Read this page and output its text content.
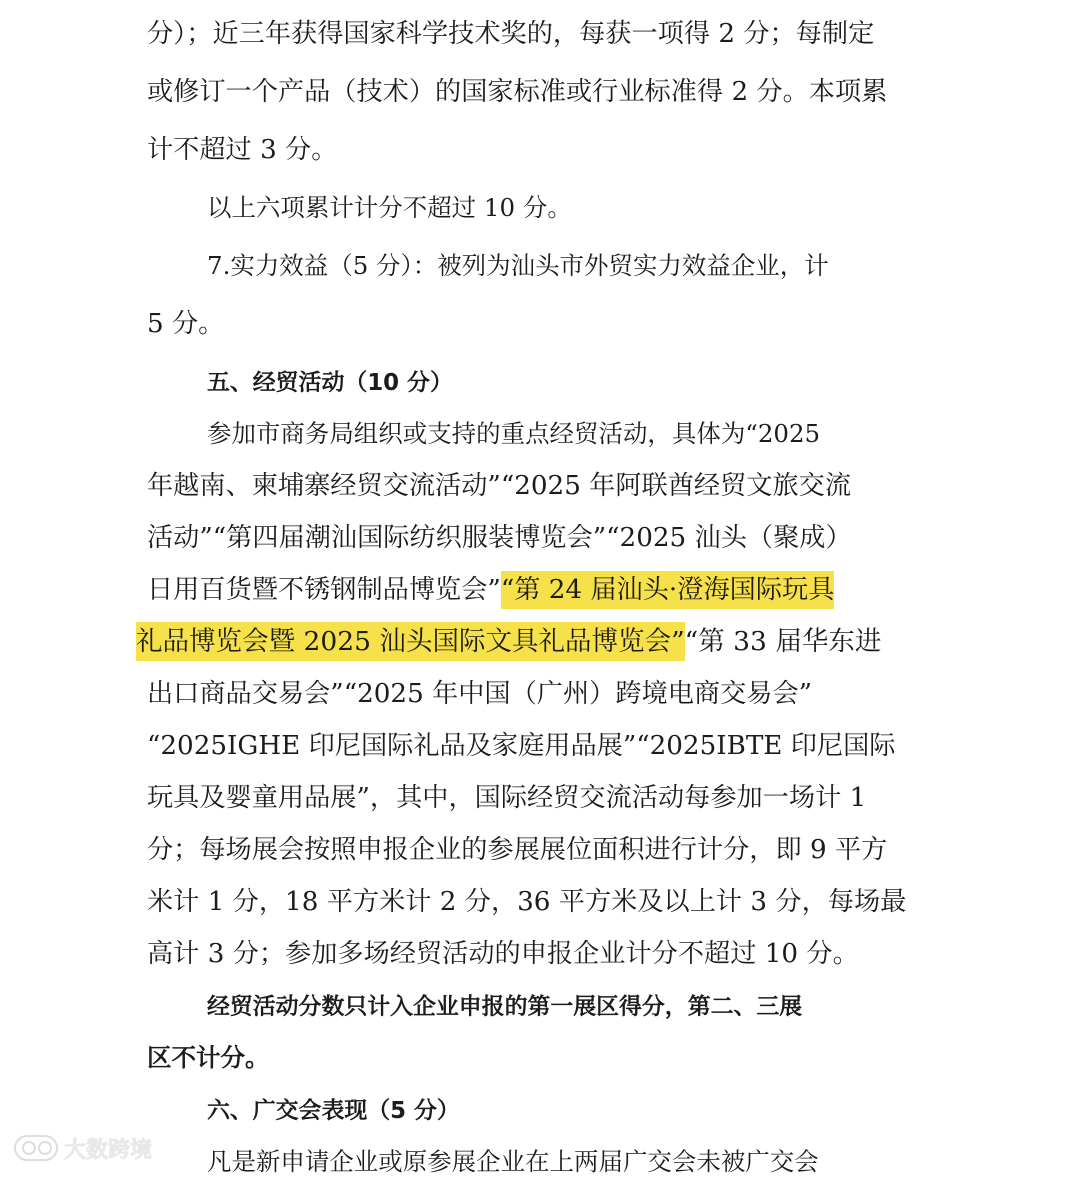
分）；近三年获得国家科学技术奖的，每获一项得 2 分；每制定
或修订一个产品（技术）的国家标准或行业标准得 2 分。本项累
计不超过 3 分。
以上六项累计计分不超过 10 分。
7.实力效益（5 分）：被列为汕头市外贸实力效益企业，计
5 分。
五、经贸活动（10 分）
参加市商务局组织或支持的重点经贸活动，具体为“2025
年越南、柬埔寨经贸交流活动”“2025 年阿联酋经贸文旅交流
活动”“第四届潮汕国际纺织服装博览会”“2025 汕头（聚成）
日用百货暨不锈钢制品博览会”“第 24 届汕头·澄海国际玩具
礼品博览会暨 2025 汕头国际文具礼品博览会”“第 33 届华东进
出口商品交易会”“2025 年中国（广州）跨境电商交易会”
“2025IGHE 印尼国际礼品及家庭用品展”“2025IBTE 印尼国际
玩具及婴童用品展”，其中，国际经贸交流活动每参加一场计 1
分；每场展会按照申报企业的参展展位面积进行计分，即 9 平方
米计 1 分，18 平方米计 2 分，36 平方米及以上计 3 分，每场最
高计 3 分；参加多场经贸活动的申报企业计分不超过 10 分。
经贸活动分数只计入企业申报的第一展区得分，第二、三展
区不计分。
六、广交会表现（5 分）
凡是新申请企业或原参展企业在上两届广交会未被广交会
大数跨境
